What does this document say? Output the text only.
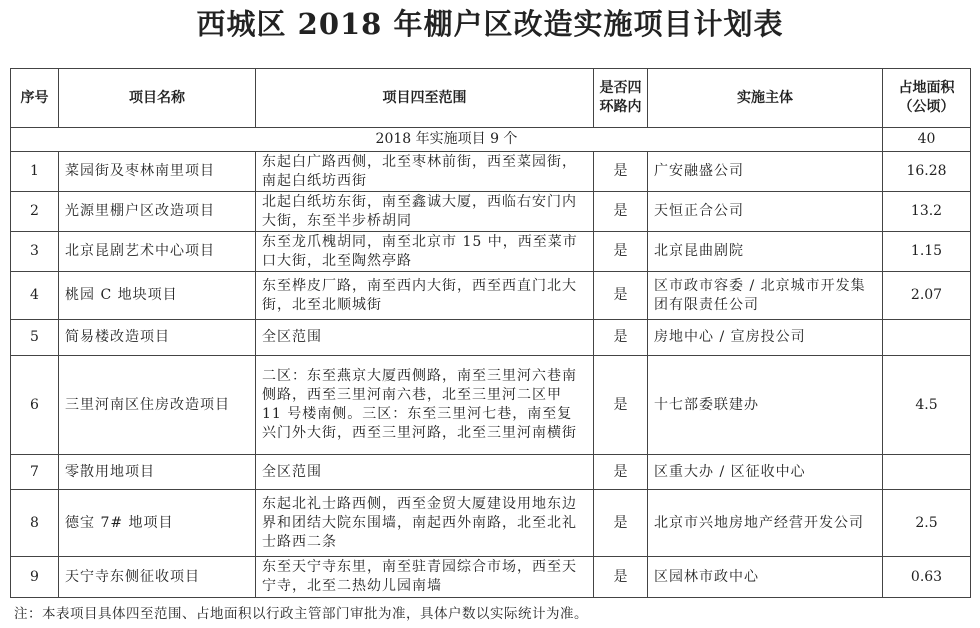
西城区 2018 年棚户区改造实施项目计划表
序号	项目名称	项目四至范围	是否四环路内	实施主体	占地面积（公顷）
2018 年实施项目 9 个					40
1	菜园街及枣林南里项目	东起白广路西侧，北至枣林前街，西至菜园街，南起白纸坊西街	是	广安融盛公司	16.28
2	光源里棚户区改造项目	北起白纸坊东街，南至鑫诚大厦，西临右安门内大街，东至半步桥胡同	是	天恒正合公司	13.2
3	北京昆剧艺术中心项目	东至龙爪槐胡同，南至北京市 15 中，西至菜市口大街，北至陶然亭路	是	北京昆曲剧院	1.15
4	桃园 C 地块项目	东至桦皮厂路，南至西内大街，西至西直门北大街，北至北顺城街	是	区市政市容委 / 北京城市开发集团有限责任公司	2.07
5	简易楼改造项目	全区范围	是	房地中心 / 宣房投公司	
6	三里河南区住房改造项目	二区：东至燕京大厦西侧路，南至三里河六巷南侧路，西至三里河南六巷，北至三里河二区甲 11 号楼南侧。三区：东至三里河七巷，南至复兴门外大街，西至三里河路，北至三里河南横街	是	十七部委联建办	4.5
7	零散用地项目	全区范围	是	区重大办 / 区征收中心	
8	德宝 7# 地项目	东起北礼士路西侧，西至金贸大厦建设用地东边界和团结大院东围墙，南起西外南路，北至北礼士路西二条	是	北京市兴地房地产经营开发公司	2.5
9	天宁寺东侧征收项目	东至天宁寺东里，南至驻青园综合市场，西至天宁寺，北至二热幼儿园南墙	是	区园林市政中心	0.63
注：本表项目具体四至范围、占地面积以行政主管部门审批为准，具体户数以实际统计为准。
